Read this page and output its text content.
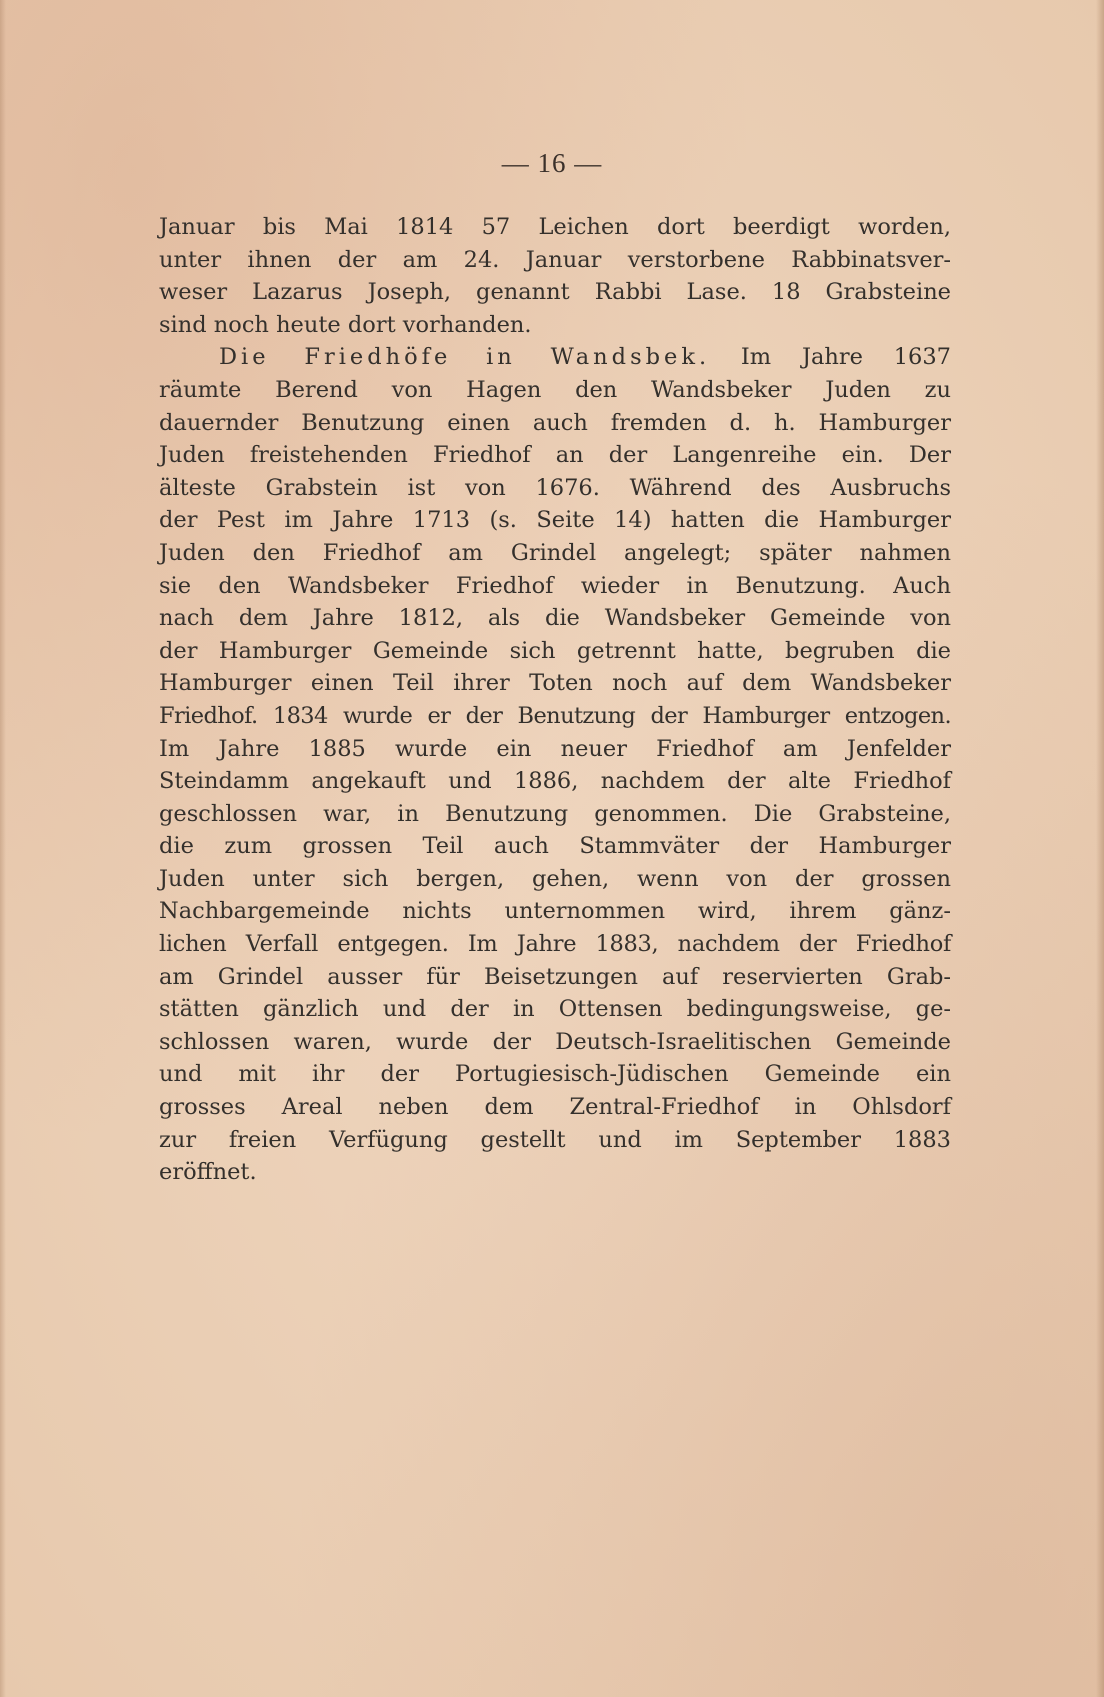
— 16 —
Januar bis Mai 1814 57 Leichen dort beerdigt worden,
unter ihnen der am 24. Januar verstorbene Rabbinatsver-
weser Lazarus Joseph, genannt Rabbi Lase. 18 Grabsteine
sind noch heute dort vorhanden.
Die Friedhöfe in Wandsbek. Im Jahre 1637
räumte Berend von Hagen den Wandsbeker Juden zu
dauernder Benutzung einen auch fremden d. h. Hamburger
Juden freistehenden Friedhof an der Langenreihe ein. Der
älteste Grabstein ist von 1676. Während des Ausbruchs
der Pest im Jahre 1713 (s. Seite 14) hatten die Hamburger
Juden den Friedhof am Grindel angelegt; später nahmen
sie den Wandsbeker Friedhof wieder in Benutzung. Auch
nach dem Jahre 1812, als die Wandsbeker Gemeinde von
der Hamburger Gemeinde sich getrennt hatte, begruben die
Hamburger einen Teil ihrer Toten noch auf dem Wandsbeker
Friedhof. 1834 wurde er der Benutzung der Hamburger entzogen.
Im Jahre 1885 wurde ein neuer Friedhof am Jenfelder
Steindamm angekauft und 1886, nachdem der alte Friedhof
geschlossen war, in Benutzung genommen. Die Grabsteine,
die zum grossen Teil auch Stammväter der Hamburger
Juden unter sich bergen, gehen, wenn von der grossen
Nachbargemeinde nichts unternommen wird, ihrem gänz-
lichen Verfall entgegen. Im Jahre 1883, nachdem der Friedhof
am Grindel ausser für Beisetzungen auf reservierten Grab-
stätten gänzlich und der in Ottensen bedingungsweise, ge-
schlossen waren, wurde der Deutsch-Israelitischen Gemeinde
und mit ihr der Portugiesisch-Jüdischen Gemeinde ein
grosses Areal neben dem Zentral-Friedhof in Ohlsdorf
zur freien Verfügung gestellt und im September 1883
eröffnet.
